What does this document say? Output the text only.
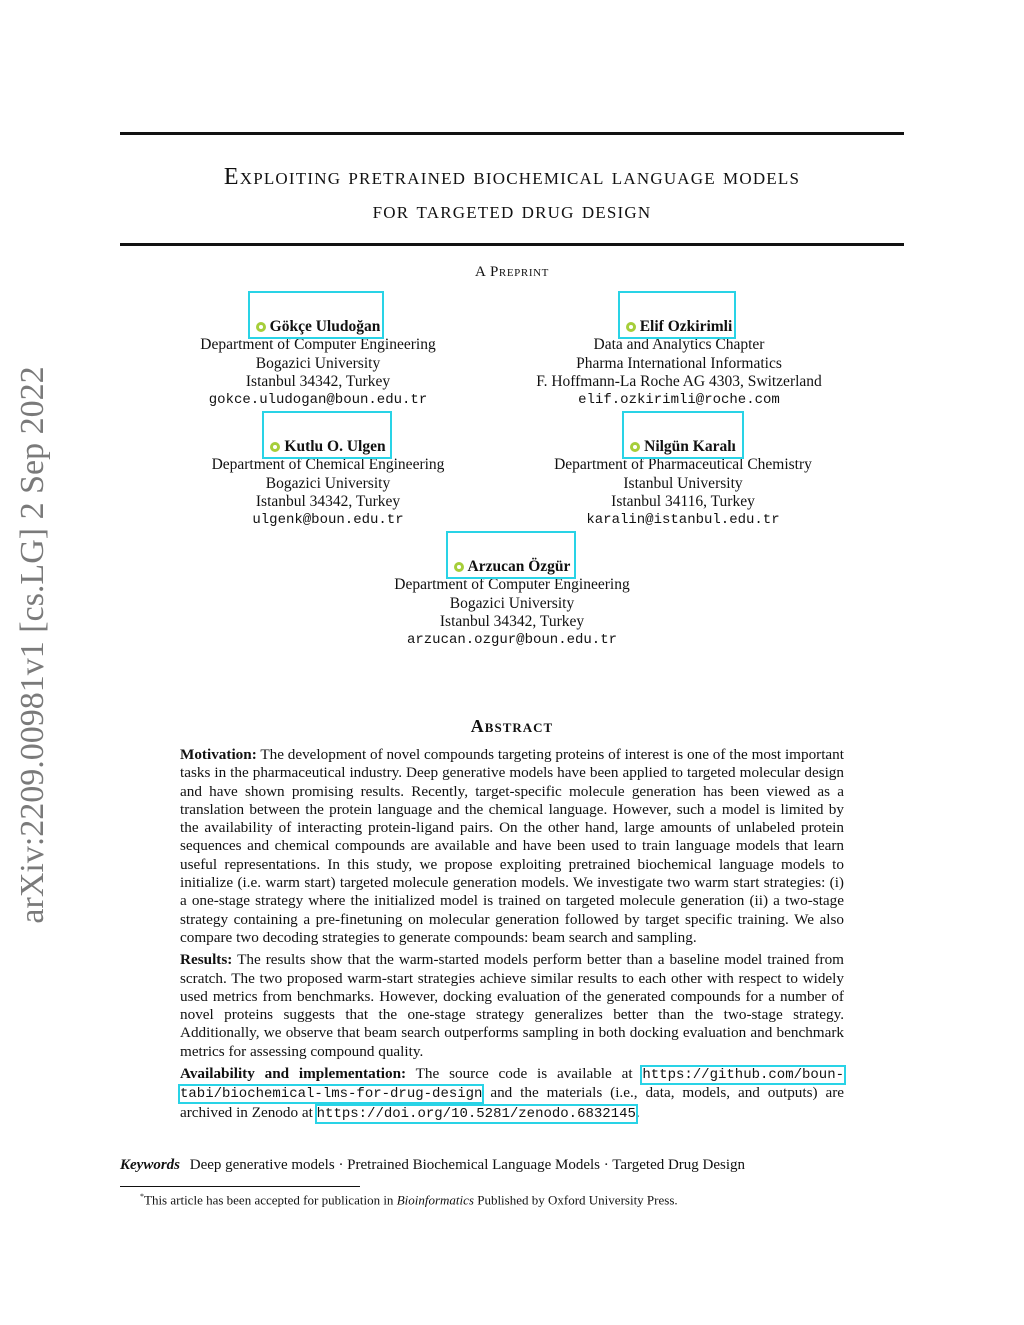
arXiv:2209.00981v1 [cs.LG] 2 Sep 2022
Exploiting pretrained biochemical language models
for targeted drug design
A Preprint
Gökçe Uludoğan
Department of Computer Engineering
Bogazici University
Istanbul 34342, Turkey
gokce.uludogan@boun.edu.tr
Elif Ozkirimli
Data and Analytics Chapter
Pharma International Informatics
F. Hoffmann-La Roche AG 4303, Switzerland
elif.ozkirimli@roche.com
Kutlu O. Ulgen
Department of Chemical Engineering
Bogazici University
Istanbul 34342, Turkey
ulgenk@boun.edu.tr
Nilgün Karalı
Department of Pharmaceutical Chemistry
Istanbul University
Istanbul 34116, Turkey
karalin@istanbul.edu.tr
Arzucan Özgür
Department of Computer Engineering
Bogazici University
Istanbul 34342, Turkey
arzucan.ozgur@boun.edu.tr
Abstract

Motivation: The development of novel compounds targeting proteins of interest is one of the most important tasks in the pharmaceutical industry. Deep generative models have been applied to targeted molecular design and have shown promising results. Recently, target-specific molecule generation has been viewed as a translation between the protein language and the chemical language. However, such a model is limited by the availability of interacting protein-ligand pairs. On the other hand, large amounts of unlabeled protein sequences and chemical compounds are available and have been used to train language models that learn useful representations. In this study, we propose exploiting pretrained biochemical language models to initialize (i.e. warm start) targeted molecule generation models. We investigate two warm start strategies: (i) a one-stage strategy where the initialized model is trained on targeted molecule generation (ii) a two-stage strategy containing a pre-finetuning on molecular generation followed by target specific training. We also compare two decoding strategies to generate compounds: beam search and sampling.

Results: The results show that the warm-started models perform better than a baseline model trained from scratch. The two proposed warm-start strategies achieve similar results to each other with respect to widely used metrics from benchmarks. However, docking evaluation of the generated compounds for a number of novel proteins suggests that the one-stage strategy generalizes better than the two-stage strategy. Additionally, we observe that beam search outperforms sampling in both docking evaluation and benchmark metrics for assessing compound quality.

Availability and implementation: The source code is available at https://github.com/boun-tabi/biochemical-lms-for-drug-design and the materials (i.e., data, models, and outputs) are archived in Zenodo at https://doi.org/10.5281/zenodo.6832145.

Keywords Deep generative models · Pretrained Biochemical Language Models · Targeted Drug Design
*This article has been accepted for publication in Bioinformatics Published by Oxford University Press.
